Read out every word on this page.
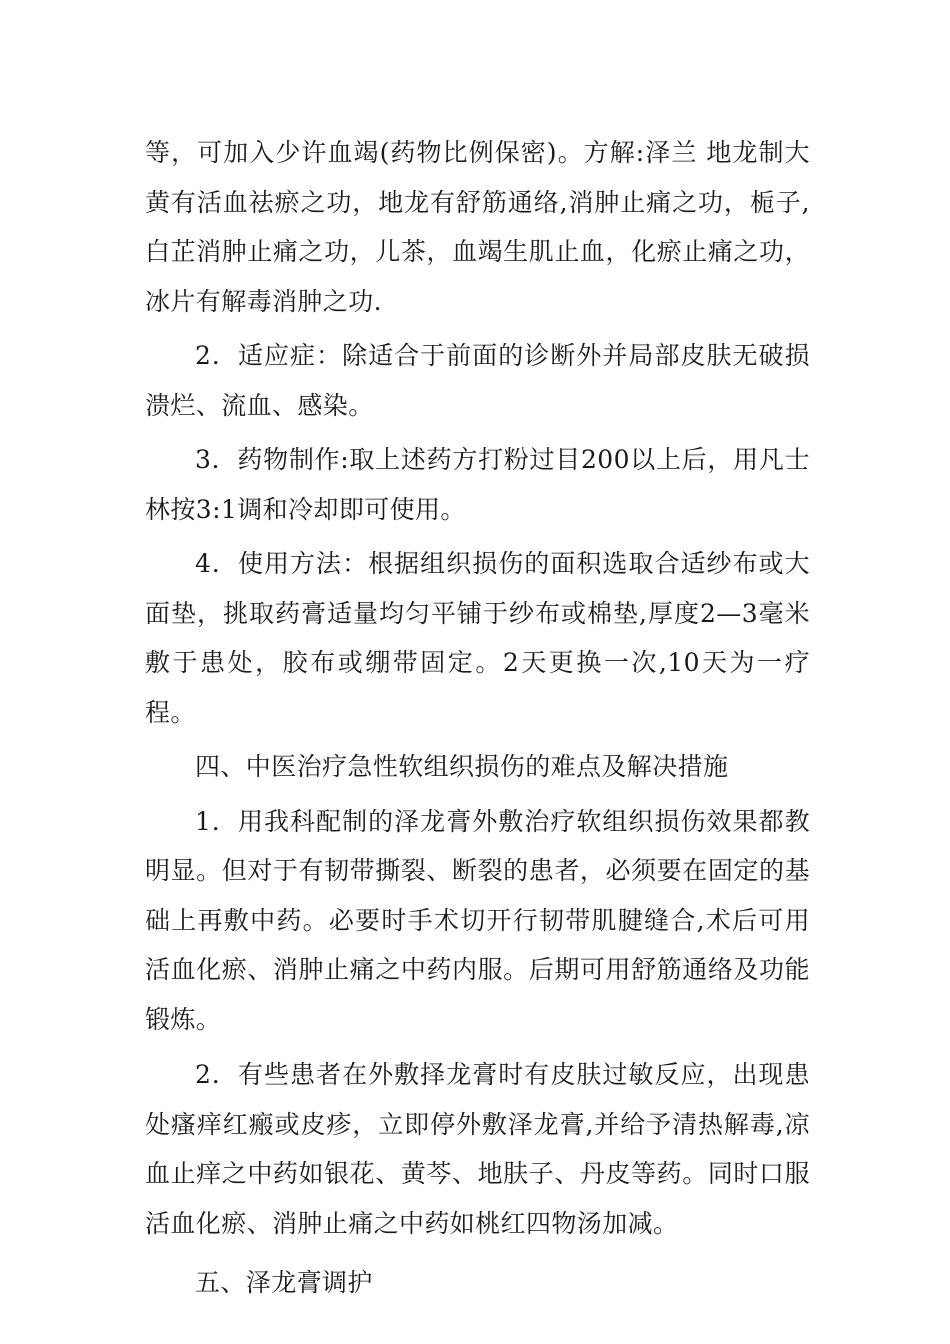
等，可加入少许血竭(药物比例保密)。方解:泽兰 地龙制大黄有活血祛瘀之功，地龙有舒筋通络,消肿止痛之功，栀子,白芷消肿止痛之功，儿茶，血竭生肌止血，化瘀止痛之功，冰片有解毒消肿之功.

2．适应症：除适合于前面的诊断外并局部皮肤无破损溃烂、流血、感染。

3．药物制作:取上述药方打粉过目200以上后，用凡士林按3:1调和冷却即可使用。

4．使用方法：根据组织损伤的面积选取合适纱布或大面垫，挑取药膏适量均匀平铺于纱布或棉垫,厚度2—3毫米敷于患处，胶布或绷带固定。2天更换一次,10天为一疗程。

四、中医治疗急性软组织损伤的难点及解决措施

1．用我科配制的泽龙膏外敷治疗软组织损伤效果都教明显。但对于有韧带撕裂、断裂的患者，必须要在固定的基础上再敷中药。必要时手术切开行韧带肌腱缝合,术后可用活血化瘀、消肿止痛之中药内服。后期可用舒筋通络及功能锻炼。

2．有些患者在外敷择龙膏时有皮肤过敏反应，出现患处瘙痒红瘢或皮疹，立即停外敷泽龙膏,并给予清热解毒,凉血止痒之中药如银花、黄芩、地肤子、丹皮等药。同时口服活血化瘀、消肿止痛之中药如桃红四物汤加减。

五、泽龙膏调护
